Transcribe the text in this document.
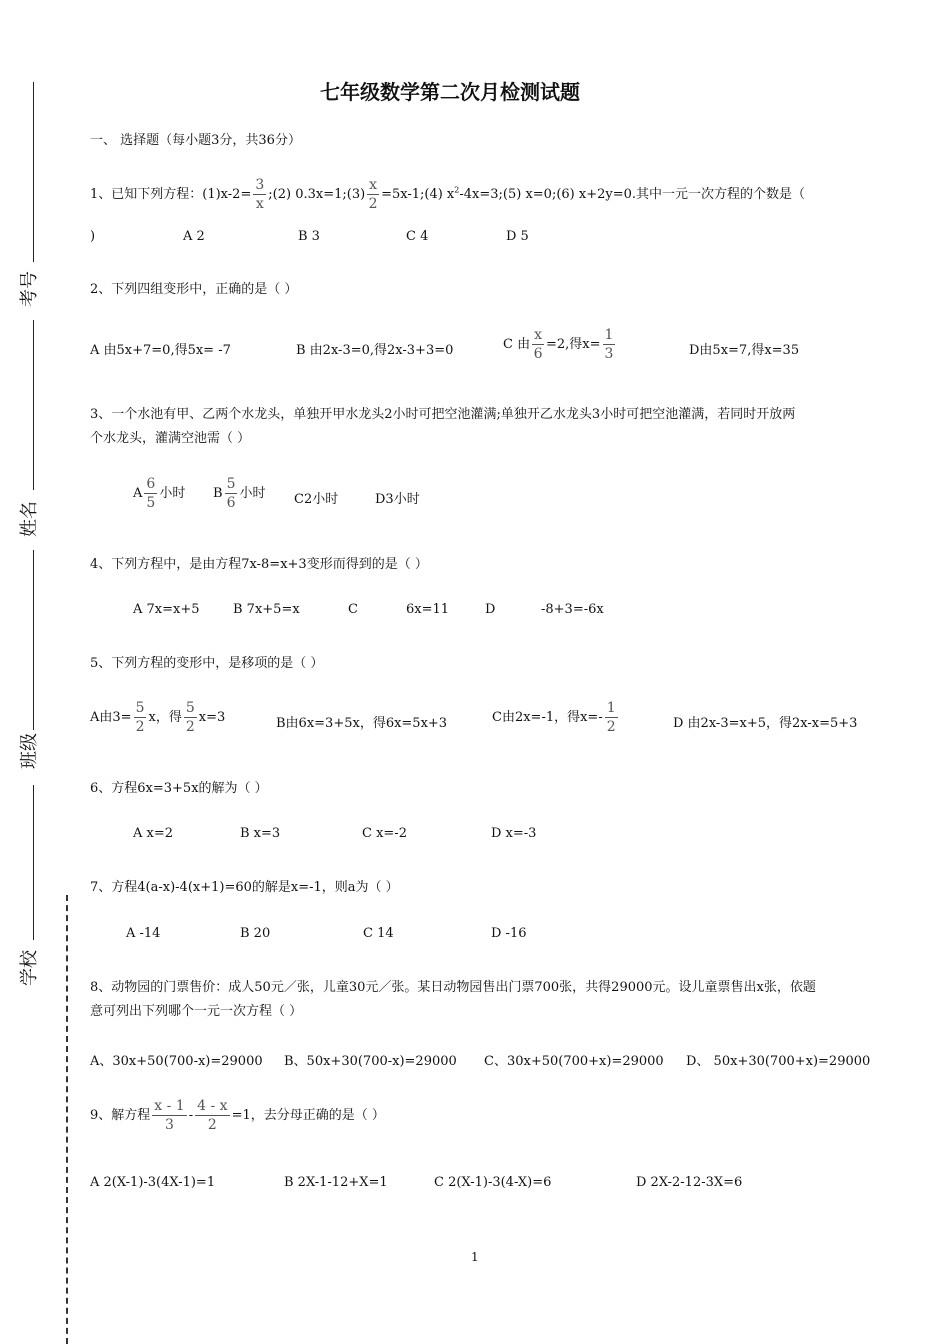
考号
姓名
班级
学校
七年级数学第二次月检测试题
一、 选择题（每小题3分，共36分）
1、已知下列方程：$(1)x-2= \frac{3}{x}$ ;(2) 0.3x=1;(3) $\frac{x}{2}$ =5x-1;(4) $x^2-4x=3;(5)$ x=0;(6) x+2y=0.其中一元一次方程的个数是（
)	A 2	B 3	C 4	D 5
2、下列四组变形中，正确的是（ ）
A 由5x+7=0,得5x= -7	B 由2x-3=0,得2x-3+3=0	C 由 $\frac{x}{6} =2$,得$x= \frac{1}{3}$	D由5x=7,得x=35
3、一个水池有甲、乙两个水龙头，单独开甲水龙头2小时可把空池灌满;单独开乙水龙头3小时可把空池灌满，若同时开放两
个水龙头，灌满空池需（ ）
A $\frac{6}{5}$ 小时 B $\frac{5}{6}$ 小时 C2小时	D3小时
4、下列方程中，是由方程7x-8=x+3变形而得到的是（ ）
A 7x=x+5	B 7x+5=x	C	6x=11	D	-8+3=-6x
5、下列方程的变形中，是移项的是（ ）
A由$3= \frac{5}{2}$ x，得 $\frac{5}{2} x=3$	B由6x=3+5x，得6x=5x+3	C由2x=-1，得$x=- \frac{1}{2}$	D 由2x-3=x+5，得2x-x=5+3
6、方程6x=3+5x的解为（ ）
A x=2	B x=3	C x=-2	D x=-3
7、方程4(a-x)-4(x+1)=60的解是x=-1，则a为（ ）
A -14	B 20	C 14	D -16
8、动物园的门票售价：成人50元／张，儿童30元／张。某日动物园售出门票700张，共得29000元。设儿童票售出x张，依题
意可列出下列哪个一元一次方程（ ）
A、30x+50(700-x)=29000 B、50x+30(700-x)=29000 C、30x+50(700+x)=29000 D、 50x+30(700+x)=29000
9、解方程 $\frac{x - 1}{3} - \frac{4 - x}{2} =1$，去分母正确的是（ ）
A 2(X-1)-3(4X-1)=1	B 2X-1-12+X=1	C 2(X-1)-3(4-X)=6	D 2X-2-12-3X=6
1
